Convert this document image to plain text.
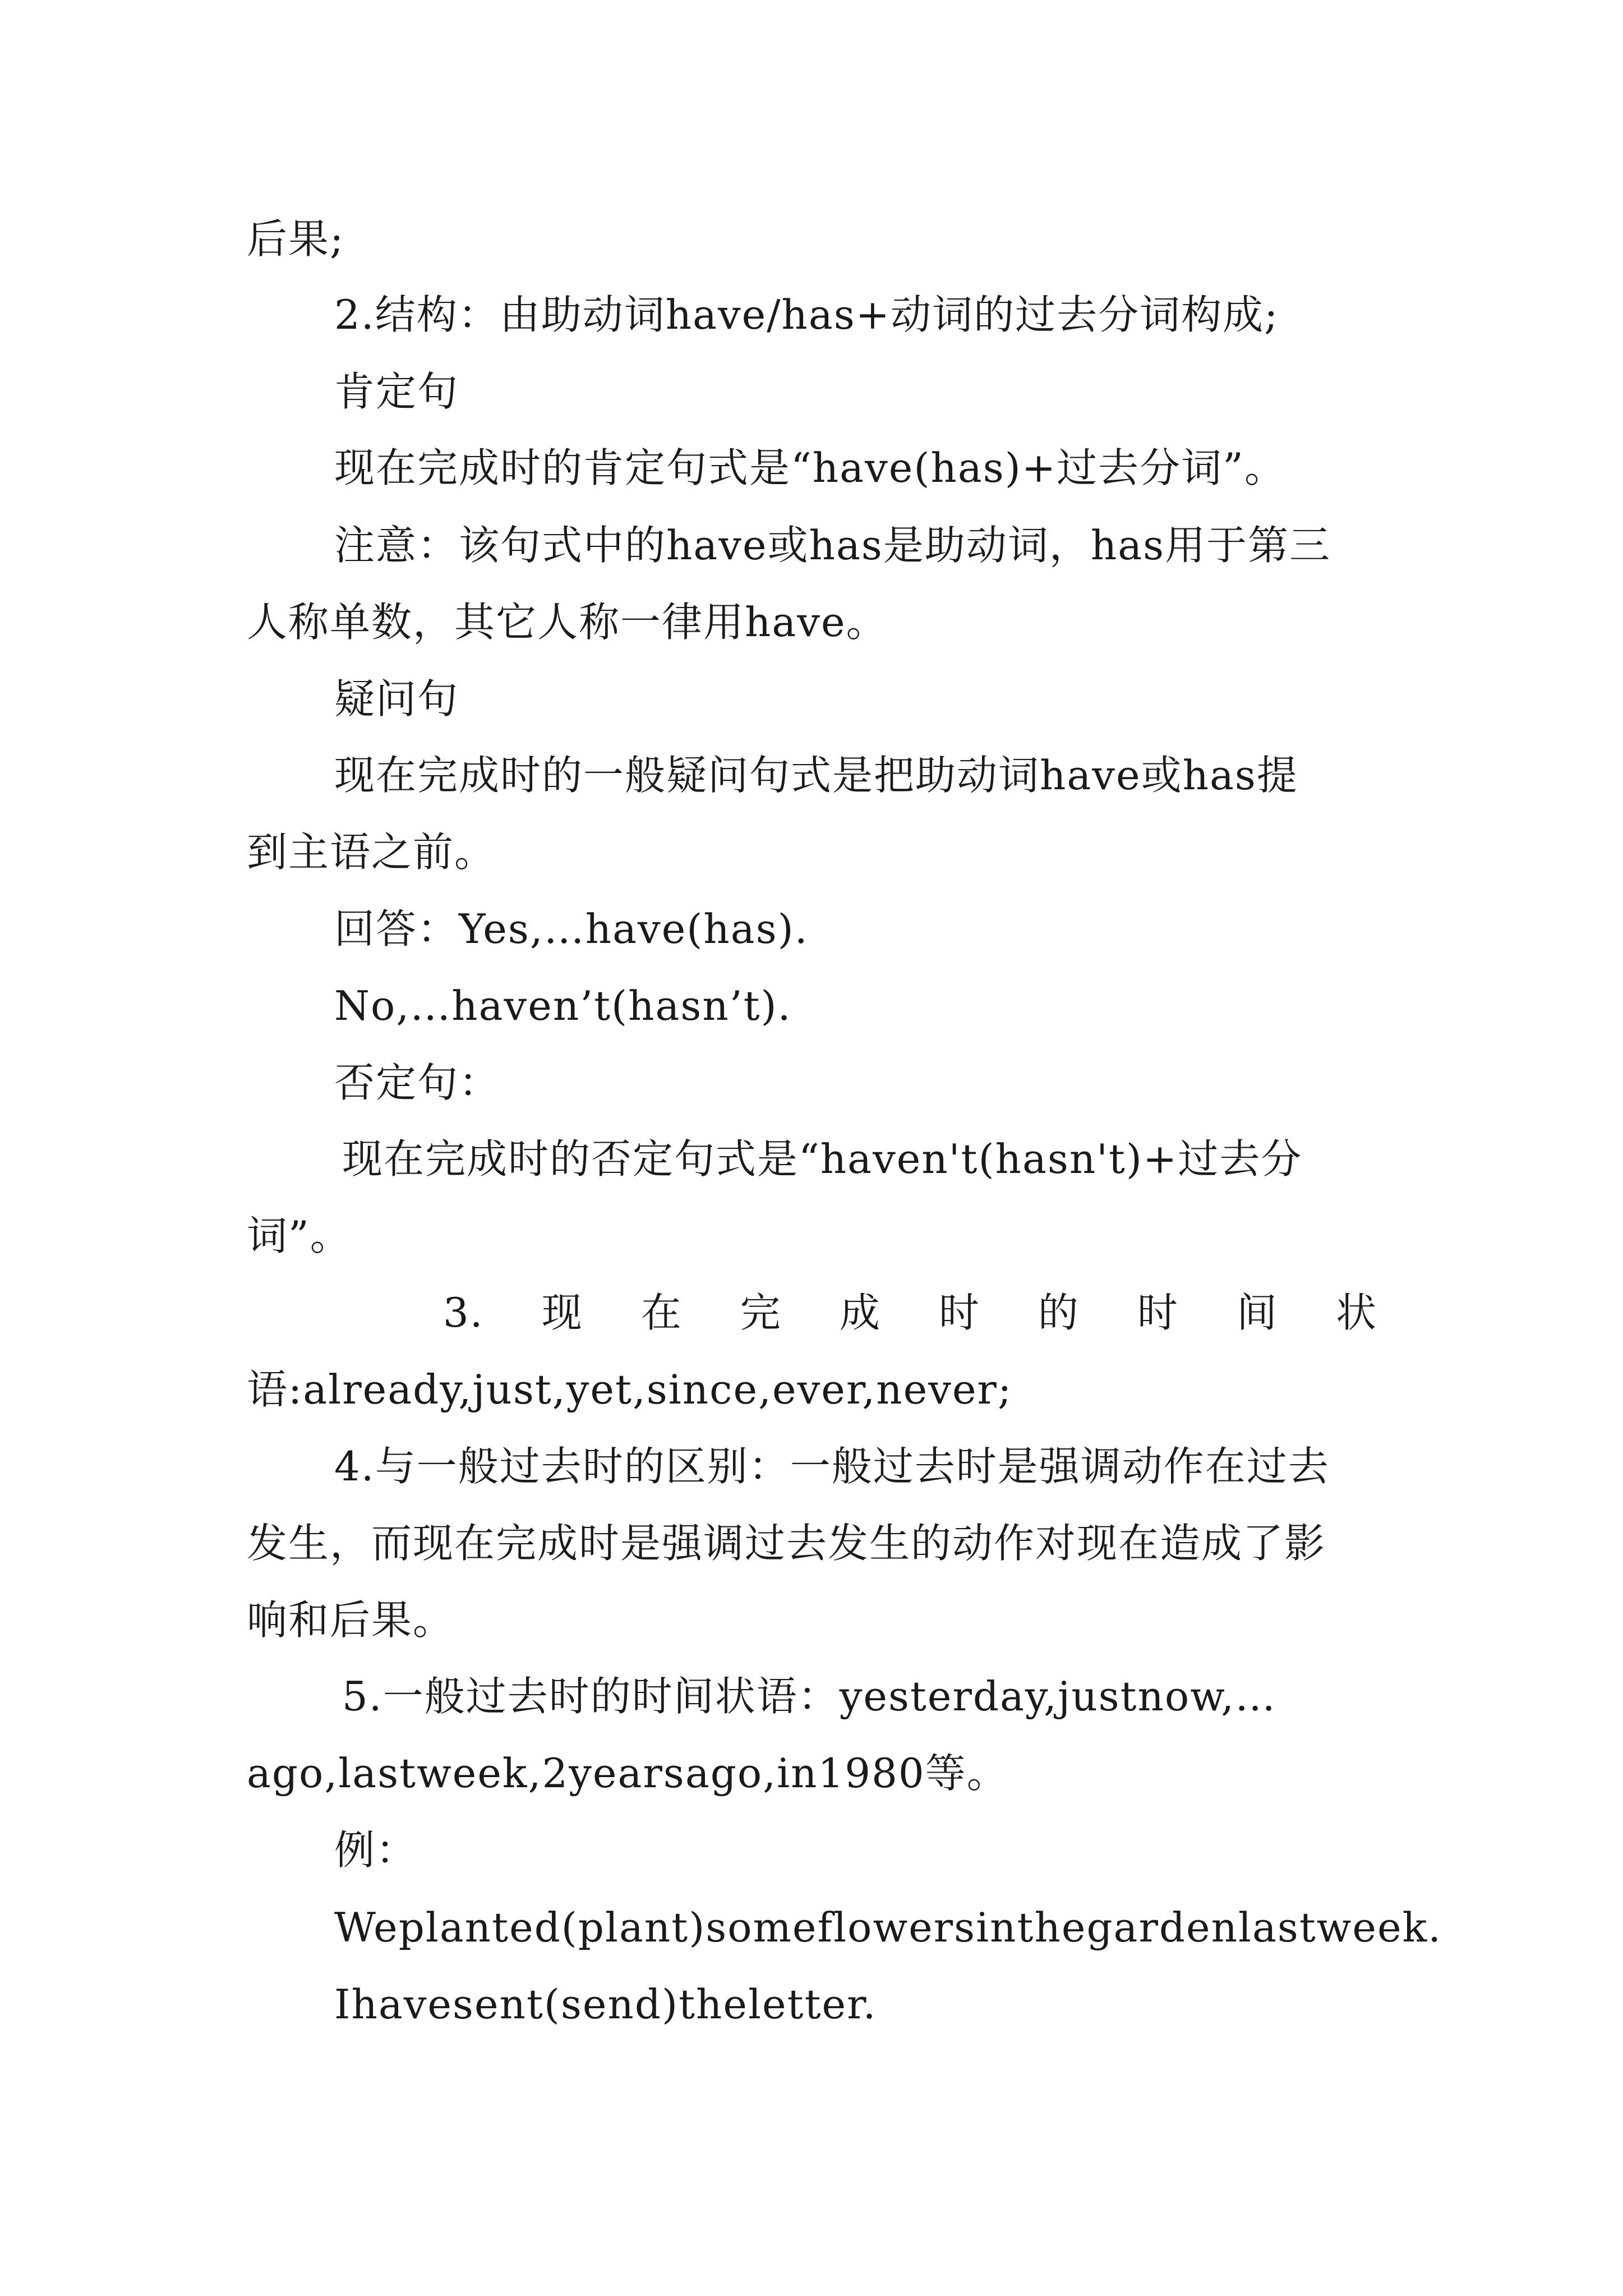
后果;
2.结构：由助动词have/has+动词的过去分词构成;
肯定句
现在完成时的肯定句式是“have(has)+过去分词”。
注意：该句式中的have或has是助动词，has用于第三
人称单数，其它人称一律用have。
疑问句
现在完成时的一般疑问句式是把助动词have或has提
到主语之前。
回答：Yes,…have(has).
No,…haven’t(hasn’t).
否定句：
现在完成时的否定句式是“haven't(hasn't)+过去分
词”。
3. 现 在 完 成 时 的 时 间 状
语:already,just,yet,since,ever,never;
4.与一般过去时的区别：一般过去时是强调动作在过去
发生，而现在完成时是强调过去发生的动作对现在造成了影
响和后果。
5.一般过去时的时间状语：yesterday,justnow,…
ago,lastweek,2yearsago,in1980等。
例：
Weplanted(plant)someflowersinthegardenlastweek.
Ihavesent(send)theletter.
